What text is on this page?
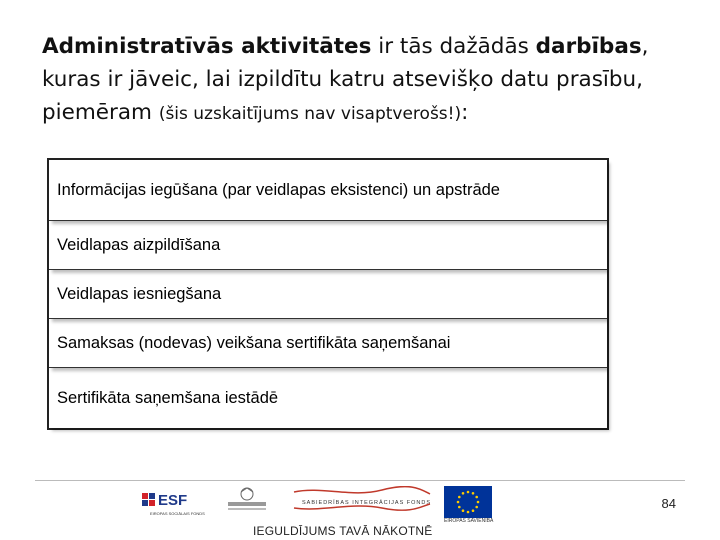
Administratīvās aktivitātes ir tās dažādās darbības, kuras ir jāveic, lai izpildītu katru atsevišķo datu prasību, piemēram (šis uzskaitījums nav visaptverošs!):
Informācijas iegūšana (par veidlapas eksistenci) un apstrāde
Veidlapas aizpildīšana
Veidlapas iesniegšana
Samaksas (nodevas) veikšana sertifikāta saņemšanai
Sertifikāta saņemšana iestādē
ESF
EIROPAS SOCIĀLAIS FONDS
SABIEDRĪBAS INTEGRĀCIJAS FONDS
EIROPAS SAVIENĪBA
84
IEGULDĪJUMS TAVĀ NĀKOTNĒ
